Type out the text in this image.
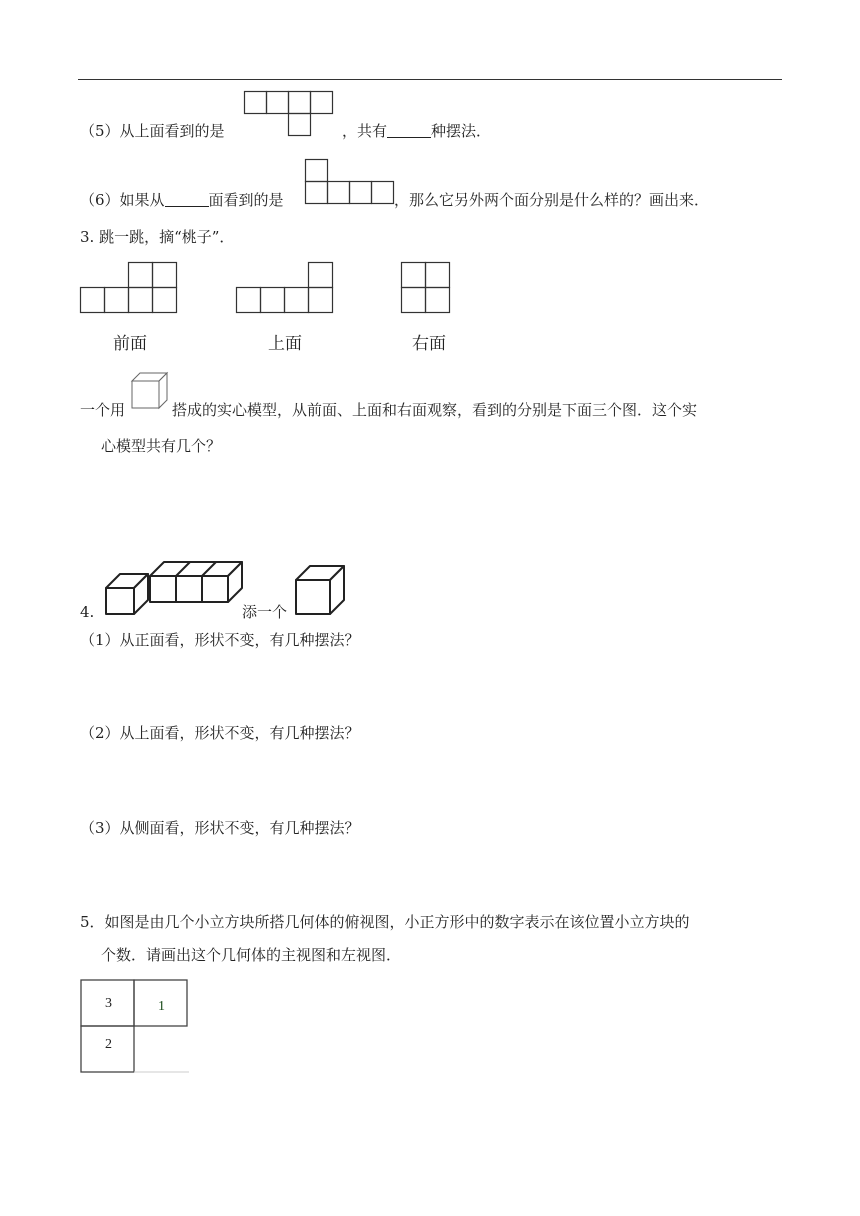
（5）从上面看到的是	，共有	种摆法．
（6）如果从	面看到的是	，那么它另外两个面分别是什么样的？画出来．
3. 跳一跳，摘“桃子”．
前面	上面	右面
一个用	搭成的实心模型，从前面、上面和右面观察，看到的分别是下面三个图．这个实
心模型共有几个？
4.	添一个
（1）从正面看，形状不变，有几种摆法？
（2）从上面看，形状不变，有几种摆法？
（3）从侧面看，形状不变，有几种摆法？
5．如图是由几个小立方块所搭几何体的俯视图，小正方形中的数字表示在该位置小立方块的
个数．请画出这个几何体的主视图和左视图．
3	1
2
